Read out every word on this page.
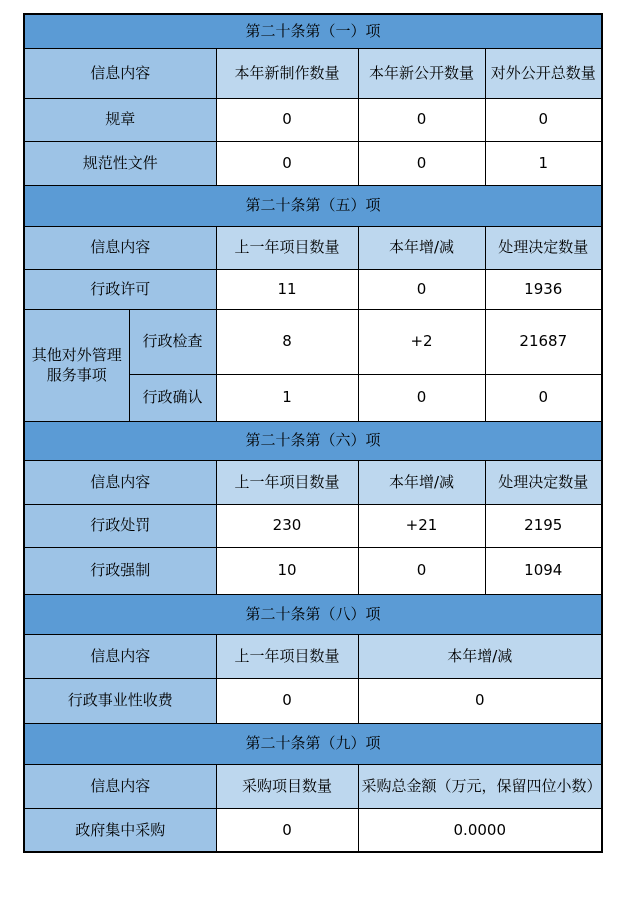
第二十条第（一）项				
信息内容		本年新制作数量	本年新公开数量	对外公开总数量
规章		0	0	0
规范性文件		0	0	1
第二十条第（五）项				
信息内容		上一年项目数量	本年增/减	处理决定数量
行政许可		11	0	1936
其他对外管理服务事项	行政检查	8	+2	21687
	行政确认	1	0	0
第二十条第（六）项				
信息内容		上一年项目数量	本年增/减	处理决定数量
行政处罚		230	+21	2195
行政强制		10	0	1094
第二十条第（八）项				
信息内容		上一年项目数量	本年增/减	
行政事业性收费		0	0	
第二十条第（九）项				
信息内容		采购项目数量	采购总金额（万元，保留四位小数）	
政府集中采购		0	0.0000	
